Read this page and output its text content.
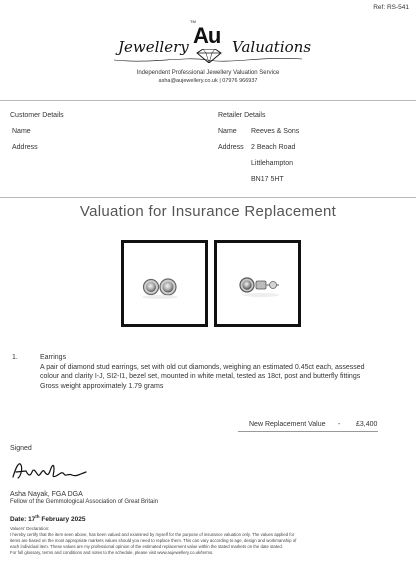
Ref: RS-541
Jewellery
TM
Au Valuations
Independent Professional Jewellery Valuation Service
asha@aujewellery.co.uk | 07976 966937
Customer Details
Name
Address
Retailer Details
Name Reeves & Sons
Address 2 Beach Road
Littlehampton
BN17 5HT
Valuation for Insurance Replacement
1.	Earrings
A pair of diamond stud earrings, set with old cut diamonds, weighing an estimated 0.45ct each, assessed colour and clarity I-J, SI2-I1, bezel set, mounted in white metal, tested as 18ct, post and butterfly fittings
Gross weight approximately 1.79 grams
New Replacement Value - £3,400
Signed
Asha Nayak, FGA DGA
Fellow of the Gemmological Association of Great Britain
Date: 17th February 2025
Valuers' Declaration:
I hereby certify that the item seen above, has been valued and examined by myself for the purpose of insurance valuation only. The values applied for
items are based on the most appropriate markets values should you need to replace them. This can vary according to age, design and workmanship of
each individual item. These values are my professional opinion of the estimated replacement value within the stated markets on the date stated.
For full glossary, terms and conditions and notes to the schedule, please visit www.aujewellery.co.uk/terms.
